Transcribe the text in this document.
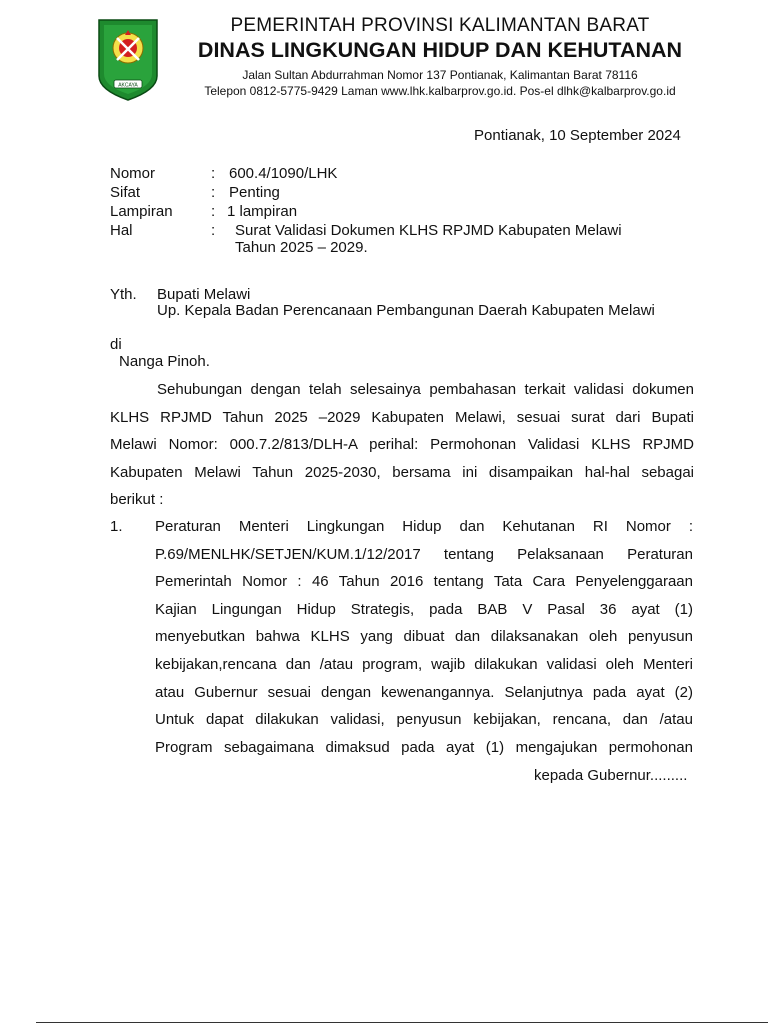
AKCAYA
PEMERINTAH PROVINSI KALIMANTAN BARAT
DINAS LINGKUNGAN HIDUP DAN KEHUTANAN
Jalan Sultan Abdurrahman Nomor 137 Pontianak, Kalimantan Barat 78116
Telepon 0812-5775-9429 Laman www.lhk.kalbarprov.go.id. Pos-el dlhk@kalbarprov.go.id
Pontianak, 10 September 2024
Nomor	: 600.4/1090/LHK
Sifat	: Penting
Lampiran	: 1 lampiran
Hal	: Surat Validasi Dokumen KLHS RPJMD Kabupaten Melawi
Tahun 2025 – 2029.
Yth. Bupati Melawi
Up. Kepala Badan Perencanaan Pembangunan Daerah Kabupaten Melawi
di
Nanga Pinoh.
Sehubungan dengan telah selesainya pembahasan terkait validasi dokumen
KLHS RPJMD Tahun 2025 –2029 Kabupaten Melawi, sesuai surat dari Bupati
Melawi Nomor: 000.7.2/813/DLH-A perihal: Permohonan Validasi KLHS RPJMD
Kabupaten Melawi Tahun 2025-2030, bersama ini disampaikan hal-hal sebagai
berikut :
1. Peraturan Menteri Lingkungan Hidup dan Kehutanan RI Nomor :
P.69/MENLHK/SETJEN/KUM.1/12/2017 tentang Pelaksanaan Peraturan
Pemerintah Nomor : 46 Tahun 2016 tentang Tata Cara Penyelenggaraan
Kajian Lingungan Hidup Strategis, pada BAB V Pasal 36 ayat (1)
menyebutkan bahwa KLHS yang dibuat dan dilaksanakan oleh penyusun
kebijakan,rencana dan /atau program, wajib dilakukan validasi oleh Menteri
atau Gubernur sesuai dengan kewenangannya. Selanjutnya pada ayat (2)
Untuk dapat dilakukan validasi, penyusun kebijakan, rencana, dan /atau
Program sebagaimana dimaksud pada ayat (1) mengajukan permohonan
kepada Gubernur.........
